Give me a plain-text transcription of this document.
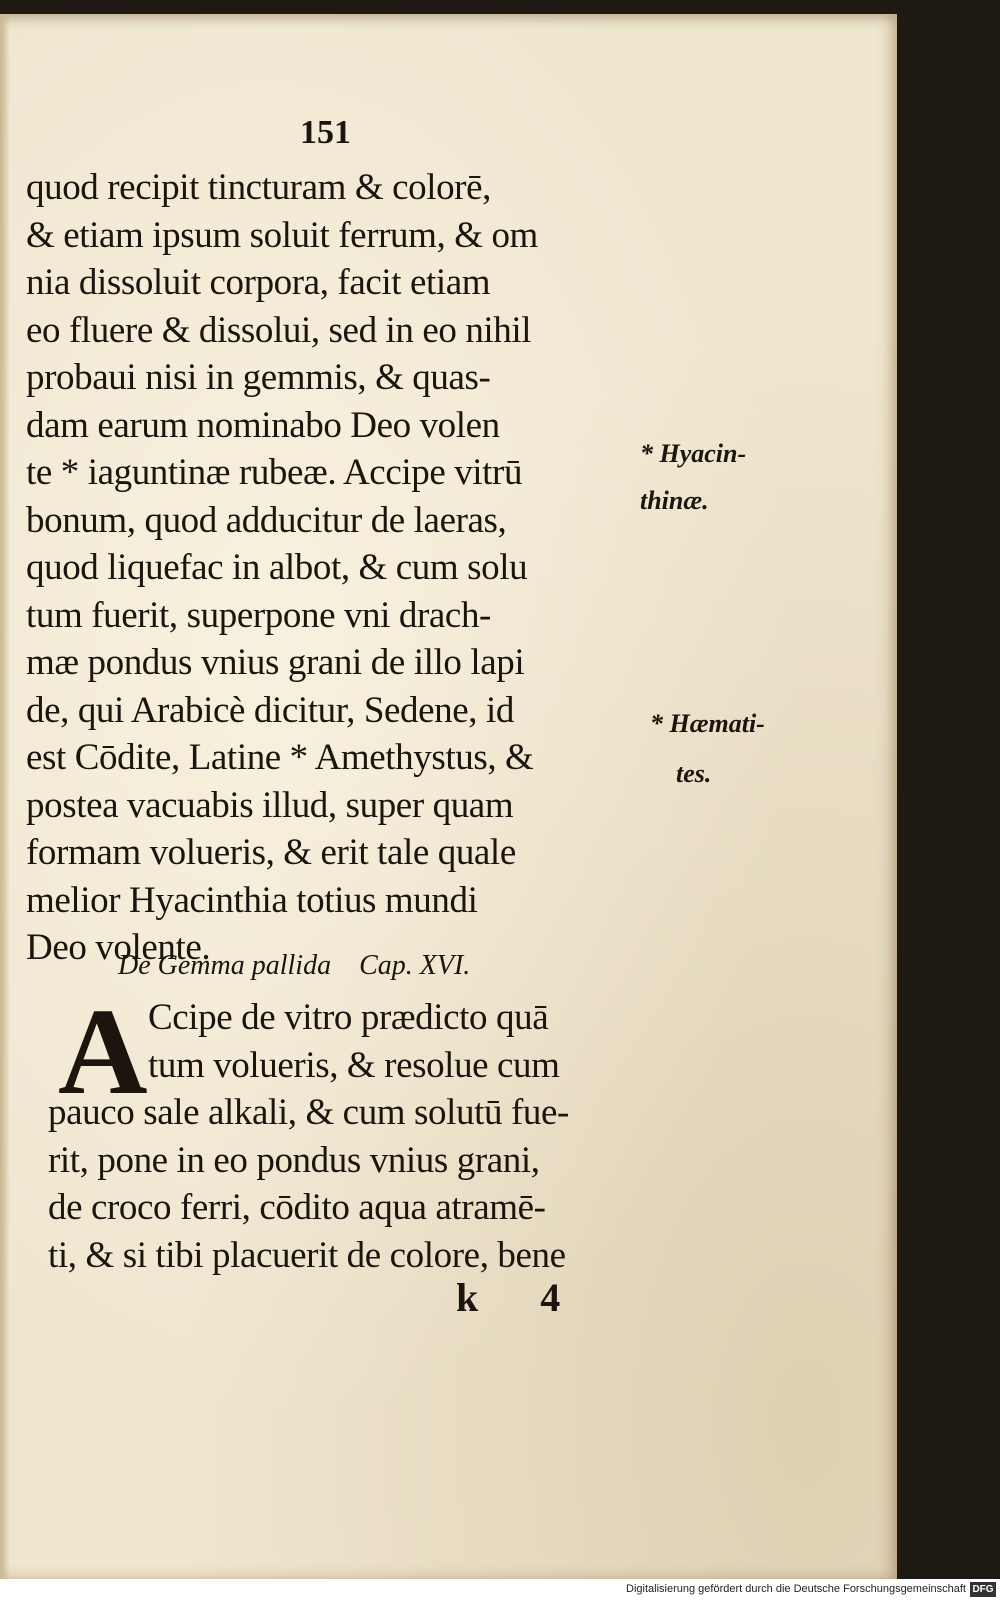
151
quod recipit tincturam & colorē,
& etiam ipsum soluit ferrum, & om
nia dissoluit corpora, facit etiam
eo fluere & dissolui, sed in eo nihil
probaui nisi in gemmis, & quas-
dam earum nominabo Deo volen
te * iaguntinæ rubeæ. Accipe vitrū
bonum, quod adducitur de laeras,
quod liquefac in albot, & cum solu
tum fuerit, superpone vni drach-
mæ pondus vnius grani de illo lapi
de, qui Arabicè dicitur, Sedene, id
est Cōdite, Latine * Amethystus, &
postea vacuabis illud, super quam
formam volueris, & erit tale quale
melior Hyacinthia totius mundi
Deo volente.
* Hyacin-
thinæ.
* Hæmati-
tes.
De Gemma pallida Cap. XVI.
A Ccipe de vitro prædicto quā
tum volueris, & resolue cum
pauco sale alkali, & cum solutū fue-
rit, pone in eo pondus vnius grani,
de croco ferri, cōdito aqua atramē-
ti, & si tibi placuerit de colore, bene
k 4
Digitalisierung gefördert durch die Deutsche Forschungsgemeinschaft DFG
